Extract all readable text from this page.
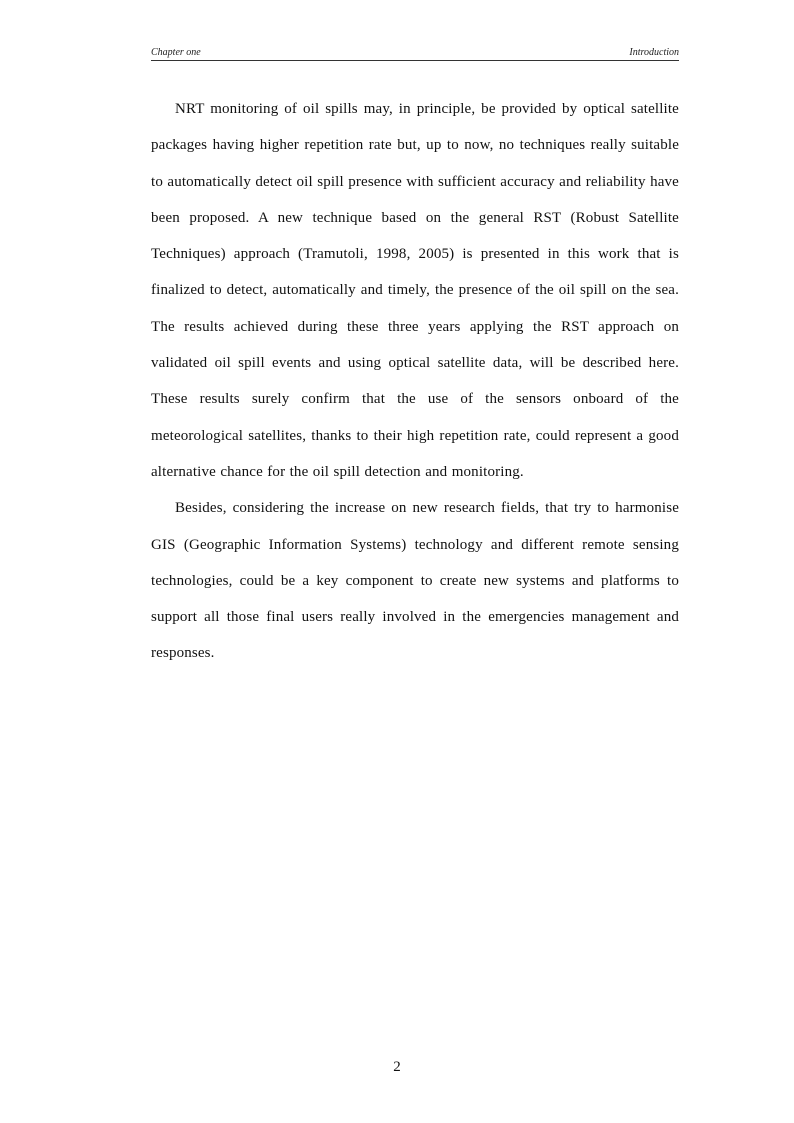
Chapter one	Introduction

NRT monitoring of oil spills may, in principle, be provided by optical satellite packages having higher repetition rate but, up to now, no techniques really suitable to automatically detect oil spill presence with sufficient accuracy and reliability have been proposed. A new technique based on the general RST (Robust Satellite Techniques) approach (Tramutoli, 1998, 2005) is presented in this work that is finalized to detect, automatically and timely, the presence of the oil spill on the sea. The results achieved during these three years applying the RST approach on validated oil spill events and using optical satellite data, will be described here. These results surely confirm that the use of the sensors onboard of the meteorological satellites, thanks to their high repetition rate, could represent a good alternative chance for the oil spill detection and monitoring.

Besides, considering the increase on new research fields, that try to harmonise GIS (Geographic Information Systems) technology and different remote sensing technologies, could be a key component to create new systems and platforms to support all those final users really involved in the emergencies management and responses.

2
